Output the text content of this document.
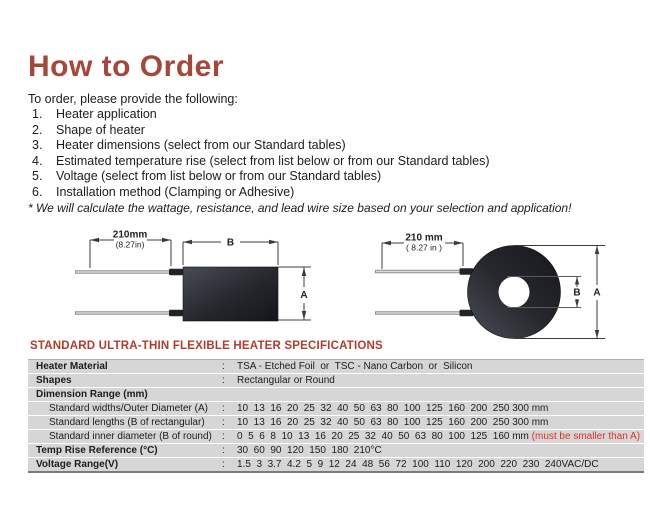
How to Order
To order, please provide the following:
1. Heater application
2. Shape of heater
3. Heater dimensions (select from our Standard tables)
4. Estimated temperature rise (select from list below or from our Standard tables)
5. Voltage (select from list below or from our Standard tables)
6. Installation method (Clamping or Adhesive)
* We will calculate the wattage, resistance, and lead wire size based on your selection and application!
210mm
(8.27in)	B
A
210 mm
( 8.27 in )
B A
STANDARD ULTRA-THIN FLEXIBLE HEATER SPECIFICATIONS
Heater Material	:	TSA - Etched Foil  or  TSC - Nano Carbon  or  Silicon
Shapes	:	Rectangular or Round
Dimension Range (mm)
Standard widths/Outer Diameter (A)	:	10  13  16  20  25  32  40  50  63  80  100  125  160  200  250 300 mm
Standard lengths (B of rectangular)	:	10  13  16  20  25  32  40  50  63  80  100  125  160  200  250 300 mm
Standard inner diameter (B of round)	:	0  5  6  8  10  13  16  20  25  32  40  50  63  80  100  125  160 mm (must be smaller than A)
Temp Rise Reference (°C)	:	30  60  90  120  150  180  210°C
Voltage Range(V)	:	1.5  3  3.7  4.2  5  9  12  24  48  56  72  100  110  120  200  220  230  240VAC/DC
